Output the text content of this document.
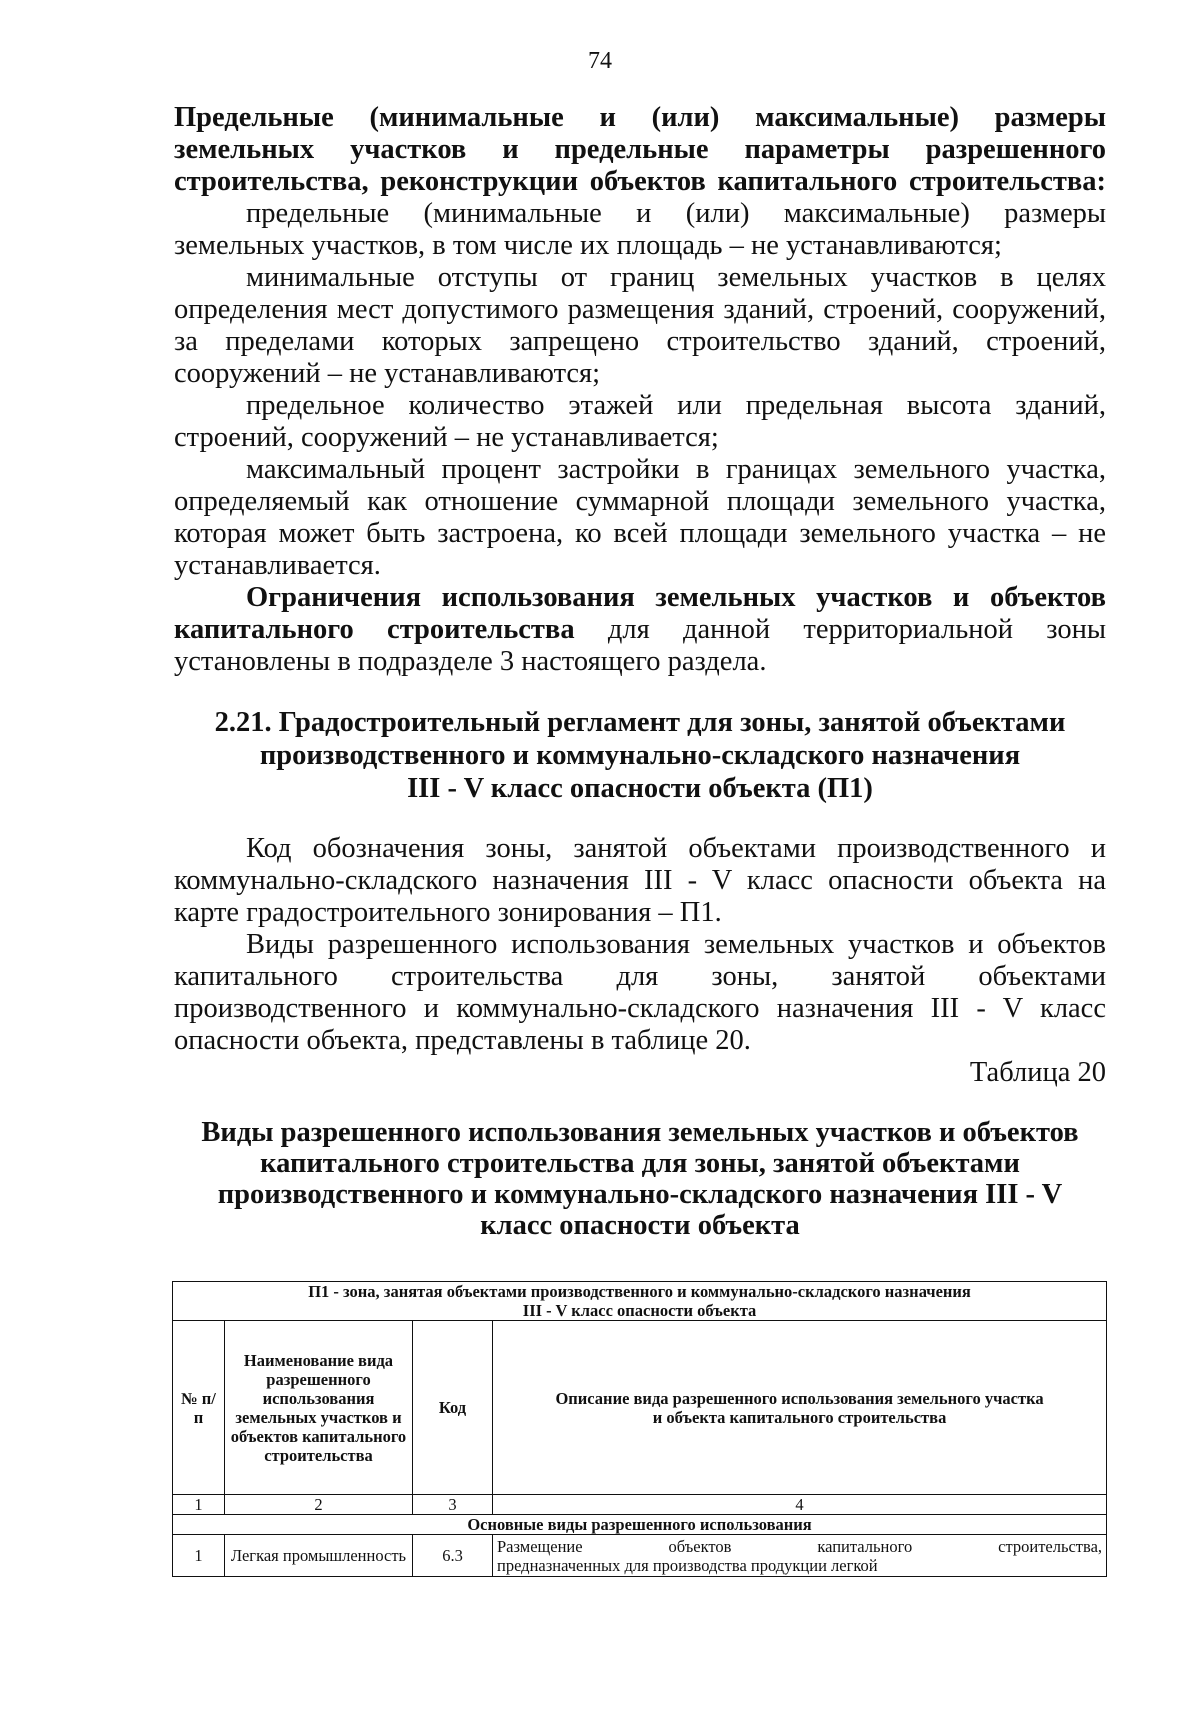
74

Предельные (минимальные и (или) максимальные) размеры

земельных участков и предельные параметры разрешенного

строительства, реконструкции объектов капитального строительства:

предельные (минимальные и (или) максимальные) размеры

земельных участков, в том числе их площадь – не устанавливаются;

минимальные отступы от границ земельных участков в целях

определения мест допустимого размещения зданий, строений, сооружений,

за пределами которых запрещено строительство зданий, строений,

сооружений – не устанавливаются;

предельное количество этажей или предельная высота зданий,

строений, сооружений – не устанавливается;

максимальный процент застройки в границах земельного участка,

определяемый как отношение суммарной площади земельного участка,

которая может быть застроена, ко всей площади земельного участка – не

устанавливается.

Ограничения использования земельных участков и объектов

капитального строительства для данной территориальной зоны

установлены в подразделе 3 настоящего раздела.

2.21. Градостроительный регламент для зоны, занятой объектами
производственного и коммунально-складского назначения
III - V класс опасности объекта (П1)

Код обозначения зоны, занятой объектами производственного и

коммунально-складского назначения III - V класс опасности объекта на

карте градостроительного зонирования – П1.

Виды разрешенного использования земельных участков и объектов

капитального строительства для зоны, занятой объектами

производственного и коммунально-складского назначения III - V класс

опасности объекта, представлены в таблице 20.

Таблица 20

Виды разрешенного использования земельных участков и объектов
капитального строительства для зоны, занятой объектами
производственного и коммунально-складского назначения III - V
класс опасности объекта
П1 - зона, занятая объектами производственного и коммунально-складского назначения
III - V класс опасности объекта			

№ п/п	Наименование вида разрешенного использования земельных участков и объектов капитального строительства	Код	Описание вида разрешенного использования земельного участка и объекта капитального строительства
1	2	3	4
Основные виды разрешенного использования			
1	Легкая промышленность	6.3	Размещение объектов капитального строительства,
предназначенных для производства продукции легкой
